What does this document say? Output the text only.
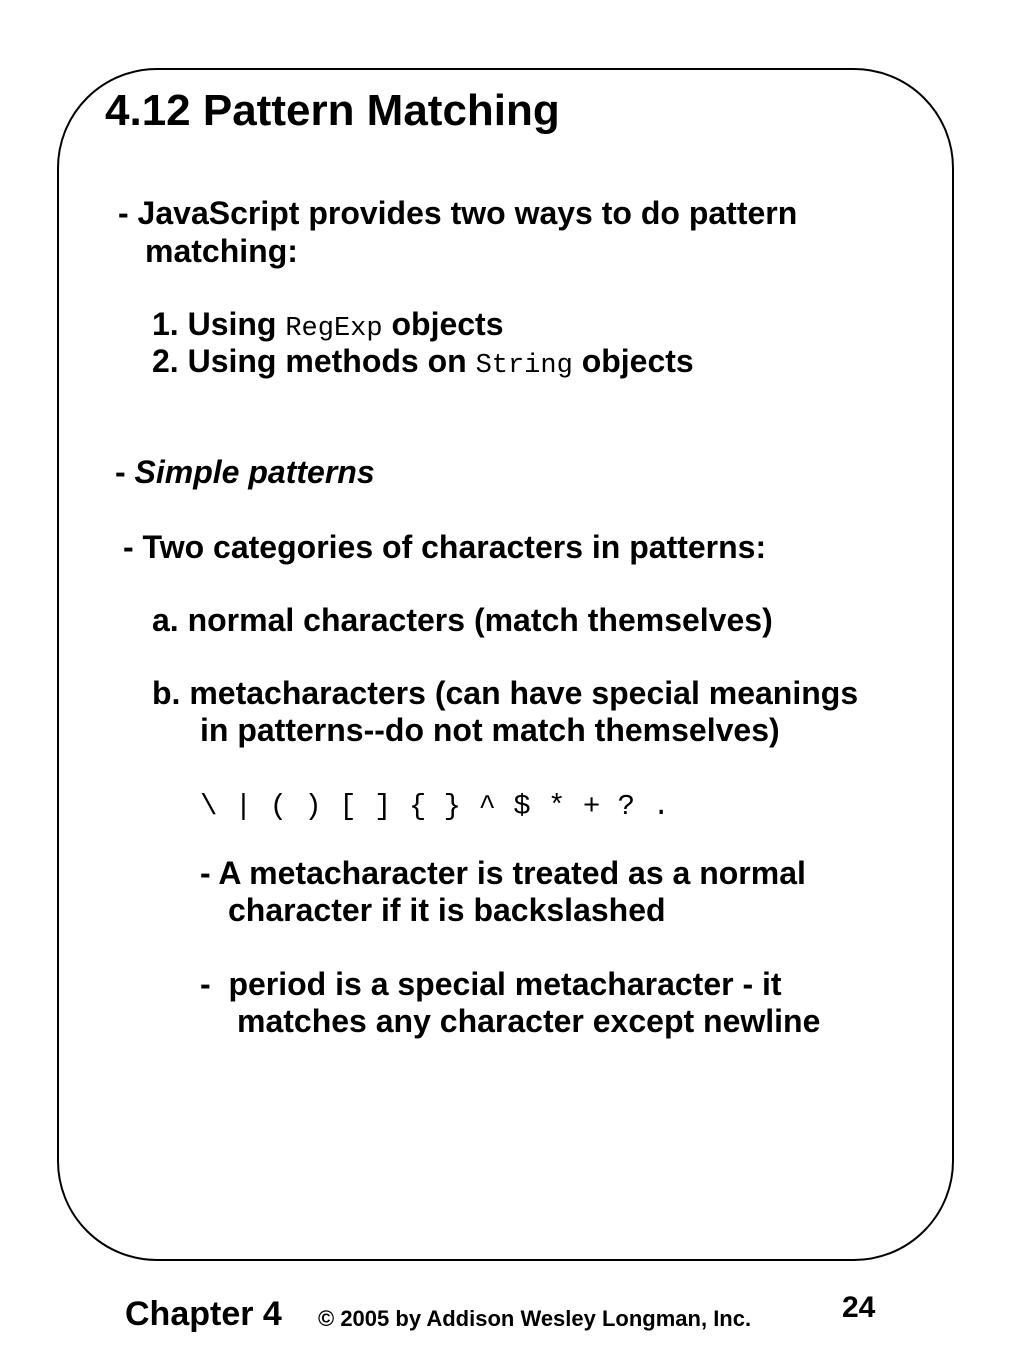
4.12 Pattern Matching

- JavaScript provides two ways to do pattern

matching:

1. Using RegExp objects

2. Using methods on String objects

- Simple patterns

- Two categories of characters in patterns:

a. normal characters (match themselves)

b. metacharacters (can have special meanings

in patterns--do not match themselves)

\ | ( ) [ ] { } ^ $ * + ? .

- A metacharacter is treated as a normal

character if it is backslashed

-  period is a special metacharacter - it

matches any character except newline

Chapter 4 © 2005 by Addison Wesley Longman, Inc.	24
